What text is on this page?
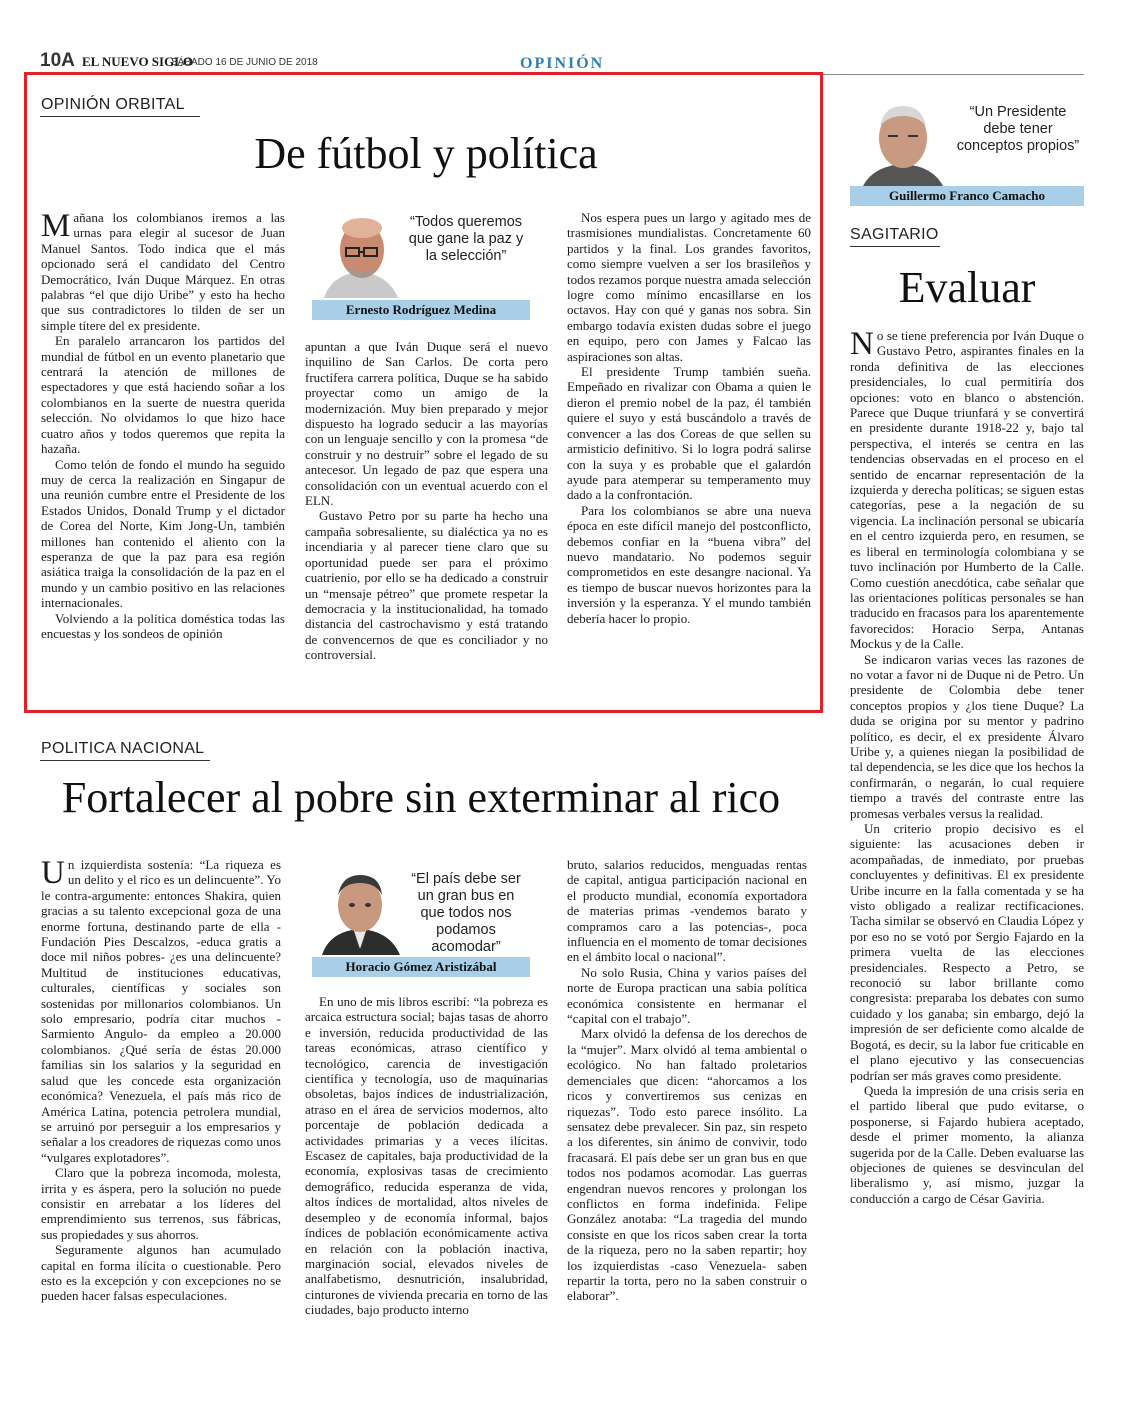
10A EL NUEVO SIGLO
SÁBADO 16 DE JUNIO DE 2018	OPINIÓN
OPINIÓN ORBITAL
De fútbol y política

Mañana los colombianos iremos a las urnas para elegir al sucesor de Juan Manuel Santos. Todo indica que el más opcionado será el candidato del Centro Democrático, Iván Duque Márquez. En otras palabras “el que dijo Uribe” y esto ha hecho que sus contradictores lo tilden de ser un simple títere del ex presidente.

En paralelo arrancaron los partidos del mundial de fútbol en un evento planetario que centrará la atención de millones de espectadores y que está haciendo soñar a los colombianos en la suerte de nuestra querida selección. No olvidamos lo que hizo hace cuatro años y todos queremos que repita la hazaña.

Como telón de fondo el mundo ha seguido muy de cerca la realización en Singapur de una reunión cumbre entre el Presidente de los Estados Unidos, Donald Trump y el dictador de Corea del Norte, Kim Jong-Un, también millones han contenido el aliento con la esperanza de que la paz para esa región asiática traiga la consolidación de la paz en el mundo y un cambio positivo en las relaciones internacionales.

Volviendo a la política doméstica todas las encuestas y los sondeos de opinión

“Todos queremos que gane la paz y la selección”
Ernesto Rodríguez Medina

apuntan a que Iván Duque será el nuevo inquilino de San Carlos. De corta pero fructífera carrera política, Duque se ha sabido proyectar como un amigo de la modernización. Muy bien preparado y mejor dispuesto ha logrado seducir a las mayorías con un lenguaje sencillo y con la promesa “de construir y no destruir” sobre el legado de su antecesor. Un legado de paz que espera una consolidación con un eventual acuerdo con el ELN.

Gustavo Petro por su parte ha hecho una campaña sobresaliente, su dialéctica ya no es incendiaria y al parecer tiene claro que su oportunidad puede ser para el próximo cuatrienio, por ello se ha dedicado a construir un “mensaje pétreo” que promete respetar la democracia y la institucionalidad, ha tomado distancia del castrochavismo y está tratando de convencernos de que es conciliador y no controversial.

Nos espera pues un largo y agitado mes de trasmisiones mundialistas. Concretamente 60 partidos y la final. Los grandes favoritos, como siempre vuelven a ser los brasileños y todos rezamos porque nuestra amada selección logre como mínimo encasillarse en los octavos. Hay con qué y ganas nos sobra. Sin embargo todavía existen dudas sobre el juego en equipo, pero con James y Falcao las aspiraciones son altas.

El presidente Trump también sueña. Empeñado en rivalizar con Obama a quien le dieron el premio nobel de la paz, él también quiere el suyo y está buscándolo a través de convencer a las dos Coreas de que sellen su armisticio definitivo. Si lo logra podrá salirse con la suya y es probable que el galardón ayude para atemperar su temperamento muy dado a la confrontación.

Para los colombianos se abre una nueva época en este difícil manejo del postconflicto, debemos confiar en la “buena vibra” del nuevo mandatario. No podemos seguir comprometidos en este desangre nacional. Ya es tiempo de buscar nuevos horizontes para la inversión y la esperanza. Y el mundo también debería hacer lo propio.

POLITICA NACIONAL
Fortalecer al pobre sin exterminar al rico

Un izquierdista sostenía: “La riqueza es un delito y el rico es un delincuente”. Yo le contra-argumente: entonces Shakira, quien gracias a su talento excepcional goza de una enorme fortuna, destinando parte de ella -Fundación Pies Descalzos, -educa gratis a doce mil niños pobres- ¿es una delincuente? Multitud de instituciones educativas, culturales, científicas y sociales son sostenidas por millonarios colombianos. Un solo empresario, podría citar muchos -Sarmiento Angulo- da empleo a 20.000 colombianos. ¿Qué sería de éstas 20.000 familias sin los salarios y la seguridad en salud que les concede esta organización económica? Venezuela, el país más rico de América Latina, potencia petrolera mundial, se arruinó por perseguir a los empresarios y señalar a los creadores de riquezas como unos “vulgares explotadores”.

Claro que la pobreza incomoda, molesta, irrita y es áspera, pero la solución no puede consistir en arrebatar a los líderes del emprendimiento sus terrenos, sus fábricas, sus propiedades y sus ahorros.

Seguramente algunos han acumulado capital en forma ilícita o cuestionable. Pero esto es la excepción y con excepciones no se pueden hacer falsas especulaciones.

“El país debe ser un gran bus en que todos nos podamos acomodar”
Horacio Gómez Aristizábal

En uno de mis libros escribí: “la pobreza es arcaica estructura social; bajas tasas de ahorro e inversión, reducida productividad de las tareas económicas, atraso científico y tecnológico, carencia de investigación científica y tecnología, uso de maquinarias obsoletas, bajos índices de industrialización, atraso en el área de servicios modernos, alto porcentaje de población dedicada a actividades primarias y a veces ilícitas. Escasez de capitales, baja productividad de la economía, explosivas tasas de crecimiento demográfico, reducida esperanza de vida, altos índices de mortalidad, altos niveles de desempleo y de economía informal, bajos índices de población económicamente activa en relación con la población inactiva, marginación social, elevados niveles de analfabetismo, desnutrición, insalubridad, cinturones de vivienda precaria en torno de las ciudades, bajo producto interno

bruto, salarios reducidos, menguadas rentas de capital, antigua participación nacional en el producto mundial, economía exportadora de materias primas -vendemos barato y compramos caro a las potencias-, poca influencia en el momento de tomar decisiones en el ámbito local o nacional”.

No solo Rusia, China y varios países del norte de Europa practican una sabia política económica consistente en hermanar el “capital con el trabajo”.

Marx olvidó la defensa de los derechos de la “mujer”. Marx olvidó al tema ambiental o ecológico. No han faltado proletarios demenciales que dicen: “ahorcamos a los ricos y convertiremos sus cenizas en riquezas”. Todo esto parece insólito. La sensatez debe prevalecer. Sin paz, sin respeto a los diferentes, sin ánimo de convivir, todo fracasará. El país debe ser un gran bus en que todos nos podamos acomodar. Las guerras engendran nuevos rencores y prolongan los conflictos en forma indefinida. Felipe González anotaba: “La tragedia del mundo consiste en que los ricos saben crear la torta de la riqueza, pero no la saben repartir; hoy los izquierdistas -caso Venezuela- saben repartir la torta, pero no la saben construir o elaborar”.

“Un Presidente debe tener conceptos propios”
Guillermo Franco Camacho
SAGITARIO
Evaluar

No se tiene preferencia por Iván Duque o Gustavo Petro, aspirantes finales en la ronda definitiva de las elecciones presidenciales, lo cual permitiría dos opciones: voto en blanco o abstención. Parece que Duque triunfará y se convertirá en presidente durante 1918-22 y, bajo tal perspectiva, el interés se centra en las tendencias observadas en el proceso en el sentido de encarnar representación de la izquierda y derecha políticas; se siguen estas categorías, pese a la negación de su vigencia. La inclinación personal se ubicaría en el centro izquierda pero, en resumen, se es liberal en terminología colombiana y se tuvo inclinación por Humberto de la Calle. Como cuestión anecdótica, cabe señalar que las orientaciones políticas personales se han traducido en fracasos para los aparentemente favorecidos: Horacio Serpa, Antanas Mockus y de la Calle.

Se indicaron varias veces las razones de no votar a favor ni de Duque ni de Petro. Un presidente de Colombia debe tener conceptos propios y ¿los tiene Duque? La duda se origina por su mentor y padrino político, es decir, el ex presidente Álvaro Uribe y, a quienes niegan la posibilidad de tal dependencia, se les dice que los hechos la confirmarán, o negarán, lo cual requiere tiempo a través del contraste entre las promesas verbales versus la realidad.

Un criterio propio decisivo es el siguiente: las acusaciones deben ir acompañadas, de inmediato, por pruebas concluyentes y definitivas. El ex presidente Uribe incurre en la falla comentada y se ha visto obligado a realizar rectificaciones. Tacha similar se observó en Claudia López y por eso no se votó por Sergio Fajardo en la primera vuelta de las elecciones presidenciales. Respecto a Petro, se reconoció su labor brillante como congresista: preparaba los debates con sumo cuidado y los ganaba; sin embargo, dejó la impresión de ser deficiente como alcalde de Bogotá, es decir, su la labor fue criticable en el plano ejecutivo y las consecuencias podrían ser más graves como presidente.

Queda la impresión de una crisis seria en el partido liberal que pudo evitarse, o posponerse, si Fajardo hubiera aceptado, desde el primer momento, la alianza sugerida por de la Calle. Deben evaluarse las objeciones de quienes se desvinculan del liberalismo y, así mismo, juzgar la conducción a cargo de César Gaviria.
